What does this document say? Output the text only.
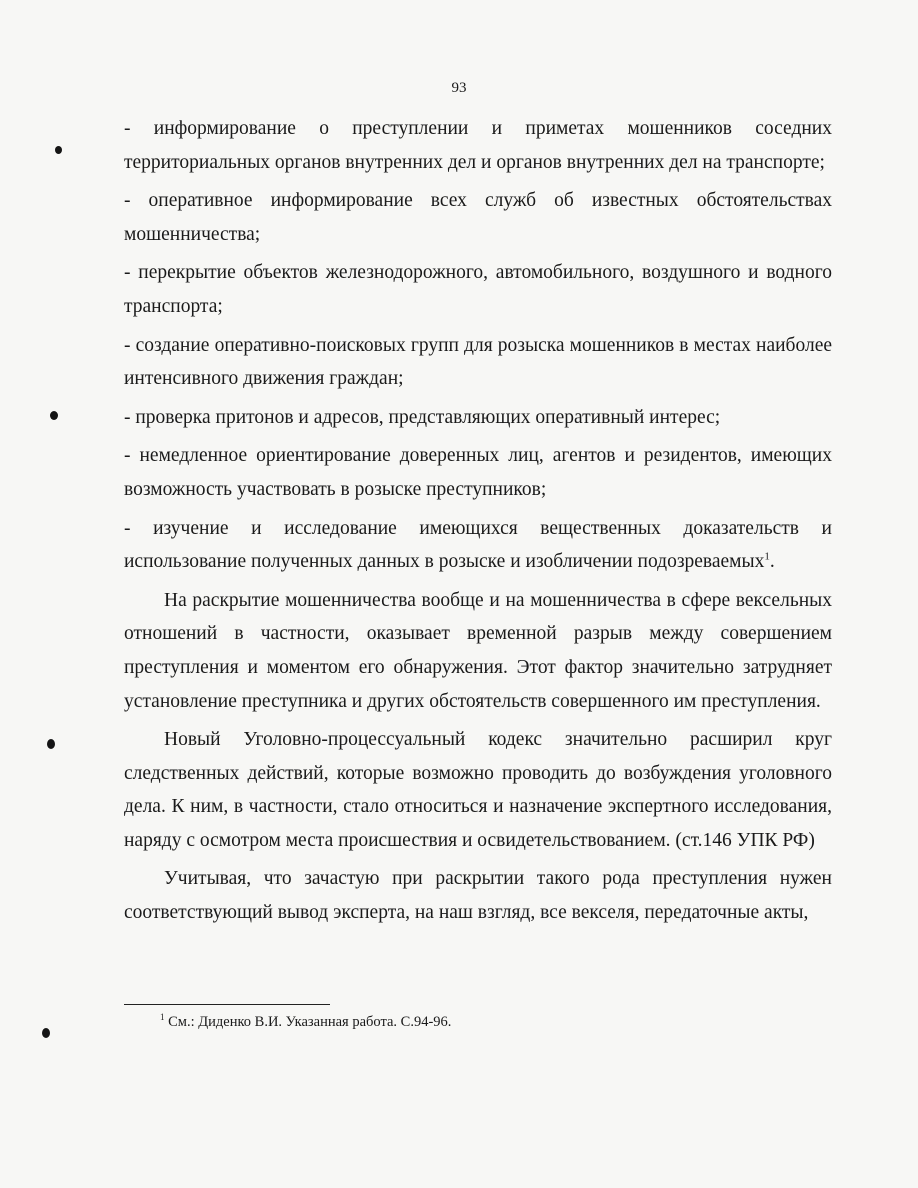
93

- информирование о преступлении и приметах мошенников соседних территориальных органов внутренних дел и органов внутренних дел на транспорте;

- оперативное информирование всех служб об известных обстоятельствах мошенничества;

- перекрытие объектов железнодорожного, автомобильного, воздушного и водного транспорта;

- создание оперативно-поисковых групп для розыска мошенников в местах наиболее интенсивного движения граждан;

- проверка притонов и адресов, представляющих оперативный интерес;

- немедленное ориентирование доверенных лиц, агентов и резидентов, имеющих возможность участвовать в розыске преступников;

- изучение и исследование имеющихся вещественных доказательств и использование полученных данных в розыске и изобличении подозреваемых$^1$.

На раскрытие мошенничества вообще и на мошенничества в сфере вексельных отношений в частности, оказывает временной разрыв между совершением преступления и моментом его обнаружения. Этот фактор значительно затрудняет установление преступника и других обстоятельств совершенного им преступления.

Новый Уголовно-процессуальный кодекс значительно расширил круг следственных действий, которые возможно проводить до возбуждения уголовного дела. К ним, в частности, стало относиться и назначение экспертного исследования, наряду с осмотром места происшествия и освидетельствованием. (ст.146 УПК РФ)

Учитывая, что зачастую при раскрытии такого рода преступления нужен соответствующий вывод эксперта, на наш взгляд, все векселя, передаточные акты,

$^1$ См.: Диденко В.И. Указанная работа. С.94-96.
